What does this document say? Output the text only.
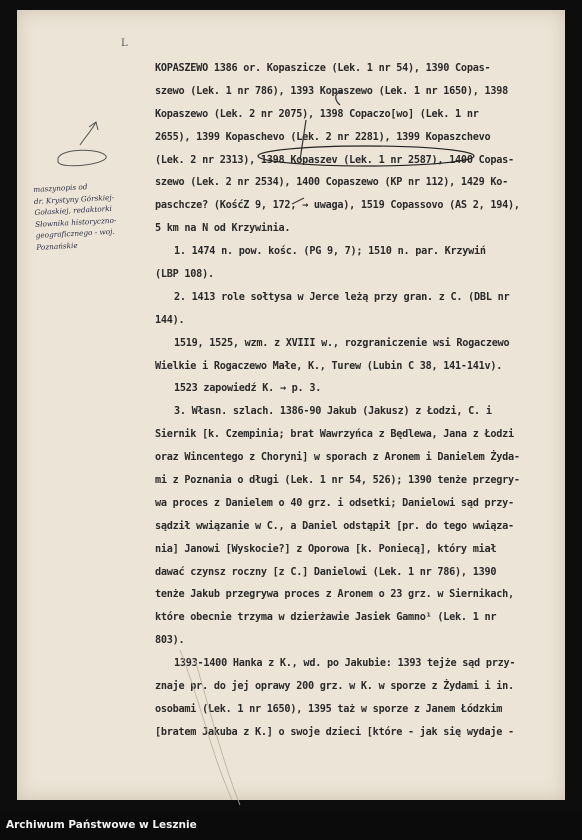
L
KOPASZEWO 1386 or. Kopaszicze (Lek. 1 nr 54), 1390 Copas-
szewo (Lek. 1 nr 786), 1393 Kopaszewo (Lek. 1 nr 1650), 1398
Kopaszewo (Lek. 2 nr 2075), 1398 Copaczo[wo] (Lek. 1 nr
2655), 1399 Kopaschevo (Lek. 2 nr 2281), 1399 Kopaszchevo
(Lek. 2 nr 2313), 1398 Kopaszev (Lek. 1 nr 2587), 1400 Copas-
szewo (Lek. 2 nr 2534), 1400 Copaszewo (KP nr 112), 1429 Ko-
paschcze? (KośćZ 9, 172, → uwaga), 1519 Copassovo (AS 2, 194),
5 km na N od Krzywinia.
1. 1474 n. pow. kośc. (PG 9, 7); 1510 n. par. Krzywiń
(LBP 108).
2. 1413 role sołtysa w Jerce leżą przy gran. z C. (DBL nr
144).
1519, 1525, wzm. z XVIII w., rozgraniczenie wsi Rogaczewo
Wielkie i Rogaczewo Małe, K., Turew (Lubin C 38, 141-141v).
1523 zapowiedź K. → p. 3.
3. Własn. szlach. 1386-90 Jakub (Jakusz) z Łodzi, C. i
Siernik [k. Czempinia; brat Wawrzyńca z Będlewa, Jana z Łodzi
oraz Wincentego z Choryni] w sporach z Aronem i Danielem Żyda-
mi z Poznania o długi (Lek. 1 nr 54, 526); 1390 tenże przegry-
wa proces z Danielem o 40 grz. i odsetki; Danielowi sąd przy-
sądził wwiązanie w C., a Daniel odstąpił [pr. do tego wwiąza-
nia] Janowi [Wyskocie?] z Oporowa [k. Poniecą], który miał
dawać czynsz roczny [z C.] Danielowi (Lek. 1 nr 786), 1390
tenże Jakub przegrywa proces z Aronem o 23 grz. w Siernikach,
które obecnie trzyma w dzierżawie Jasiek Gamno¹ (Lek. 1 nr
803).
1393-1400 Hanka z K., wd. po Jakubie: 1393 tejże sąd przy-
znaje pr. do jej oprawy 200 grz. w K. w sporze z Żydami i in.
osobami (Lek. 1 nr 1650), 1395 taż w sporze z Janem Łódzkim
[bratem Jakuba z K.] o swoje dzieci [które - jak się wydaje -
maszynopis od
dr. Krystyny Górskiej-
Gołaskiej, redaktorki
Słownika historyczno-
geograficznego - woj.
Poznańskie
Archiwum Państwowe w Lesznie
